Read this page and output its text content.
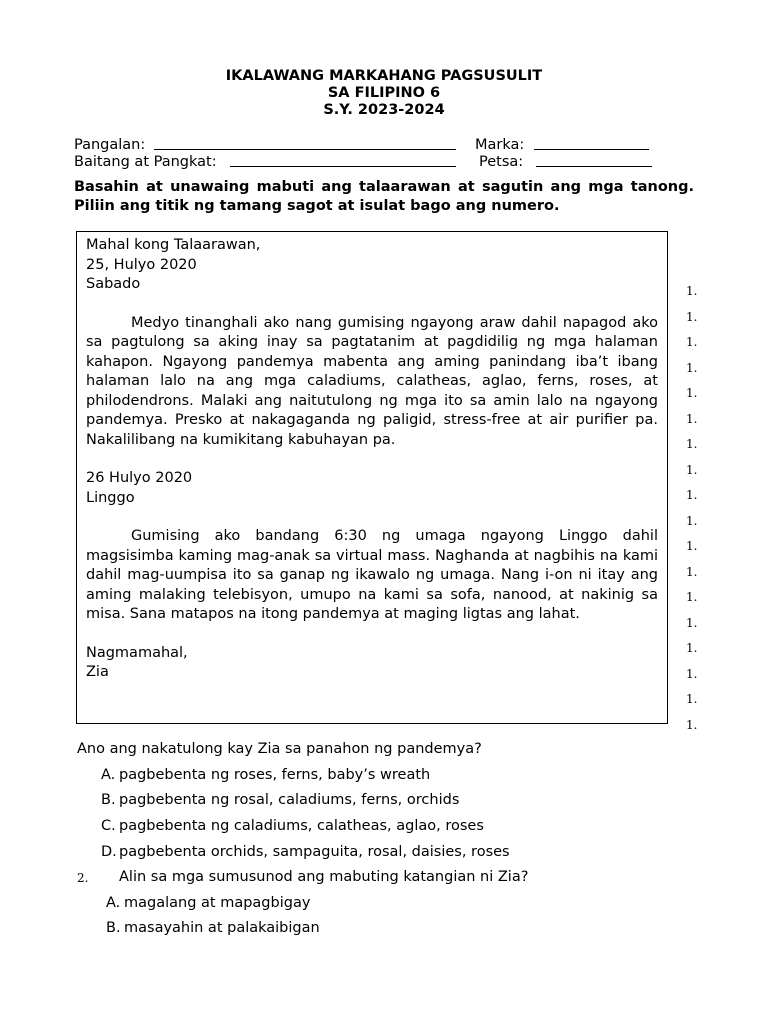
IKALAWANG MARKAHANG PAGSUSULIT
SA FILIPINO 6
S.Y. 2023-2024
Pangalan:	Marka:
Baitang at Pangkat:	Petsa:
Basahin at unawaing mabuti ang talaarawan at sagutin ang mga tanong. Piliin ang titik ng tamang sagot at isulat bago ang numero.

Mahal kong Talaarawan,

25, Hulyo 2020

Sabado

Medyo tinanghali ako nang gumising ngayong araw dahil napagod ako sa pagtulong sa aking inay sa pagtatanim at pagdidilig ng mga halaman kahapon. Ngayong pandemya mabenta ang aming panindang iba’t ibang halaman lalo na ang mga caladiums, calatheas, aglao, ferns, roses, at philodendrons. Malaki ang naitutulong ng mga ito sa amin lalo na ngayong pandemya. Presko at nakagaganda ng paligid, stress-free at air purifier pa. Nakalilibang na kumikitang kabuhayan pa.

26 Hulyo 2020

Linggo

Gumising ako bandang 6:30 ng umaga ngayong Linggo dahil magsisimba kaming mag-anak sa virtual mass. Naghanda at nagbihis na kami dahil mag-uumpisa ito sa ganap ng ikawalo ng umaga. Nang i-on ni itay ang aming malaking telebisyon, umupo na kami sa sofa, nanood, at nakinig sa misa. Sana matapos na itong pandemya at maging ligtas ang lahat.

Nagmamahal,

Zia

1.
1.
1.
1.
1.
1.
1.
1.
1.
1.
1.
1.
1.
1.
1.
1.
1.
1.
Ano ang nakatulong kay Zia sa panahon ng pandemya?
A. pagbebenta ng roses, ferns, baby’s wreath
B. pagbebenta ng rosal, caladiums, ferns, orchids
C. pagbebenta ng caladiums, calatheas, aglao, roses
D. pagbebenta orchids, sampaguita, rosal, daisies, roses
2. Alin sa mga sumusunod ang mabuting katangian ni Zia?
A. magalang at mapagbigay
B. masayahin at palakaibigan
